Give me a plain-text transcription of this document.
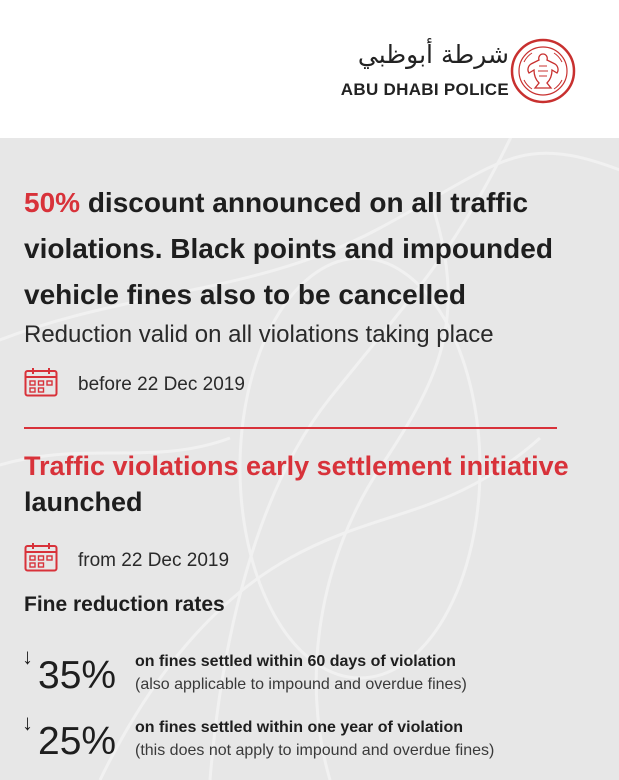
شرطة أبوظبي
ABU DHABI POLICE
50% discount announced on all traffic violations. Black points and impounded vehicle fines also to be cancelled
Reduction valid on all violations taking place
before 22 Dec 2019
Traffic violations early settlement initiative launched
from 22 Dec 2019
Fine reduction rates
↓ 35% on fines settled within 60 days of violation
(also applicable to impound and overdue fines)
↓ 25% on fines settled within one year of violation
(this does not apply to impound and overdue fines)
